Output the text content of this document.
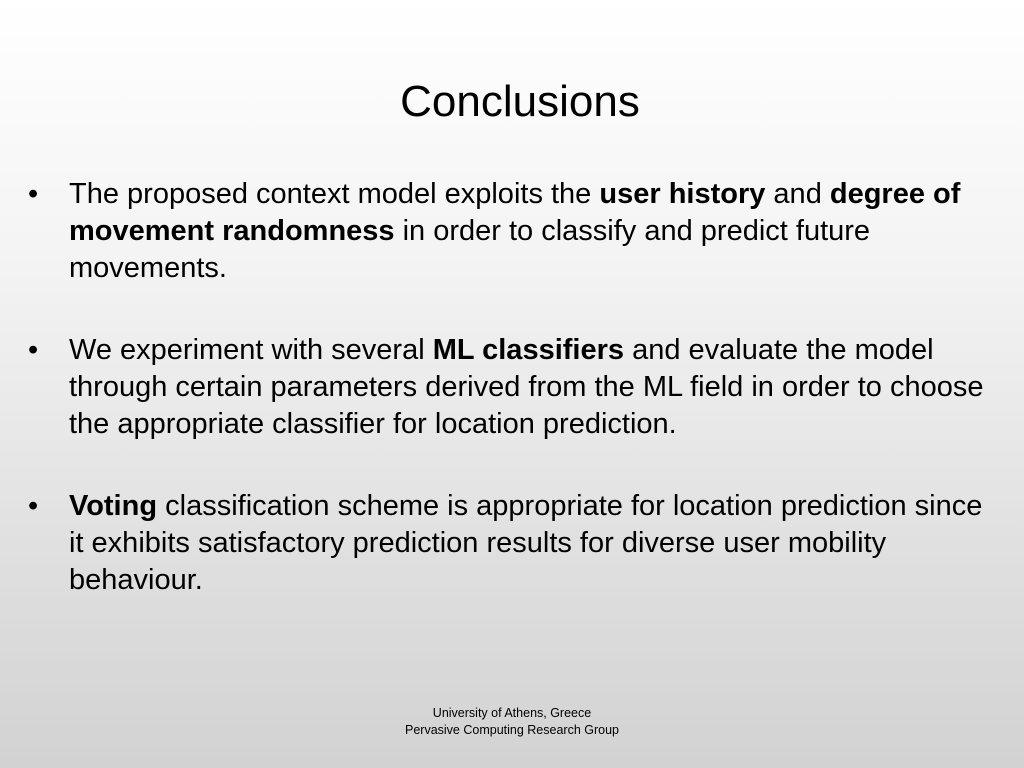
Conclusions
•	The proposed context model exploits the user history and degree of movement randomness in order to classify and predict future movements.
•	We experiment with several ML classifiers and evaluate the model through certain parameters derived from the ML field in order to choose the appropriate classifier for location prediction.
•	Voting classification scheme is appropriate for location prediction since it exhibits satisfactory prediction results for diverse user mobility behaviour.
University of Athens, Greece
Pervasive Computing Research Group
